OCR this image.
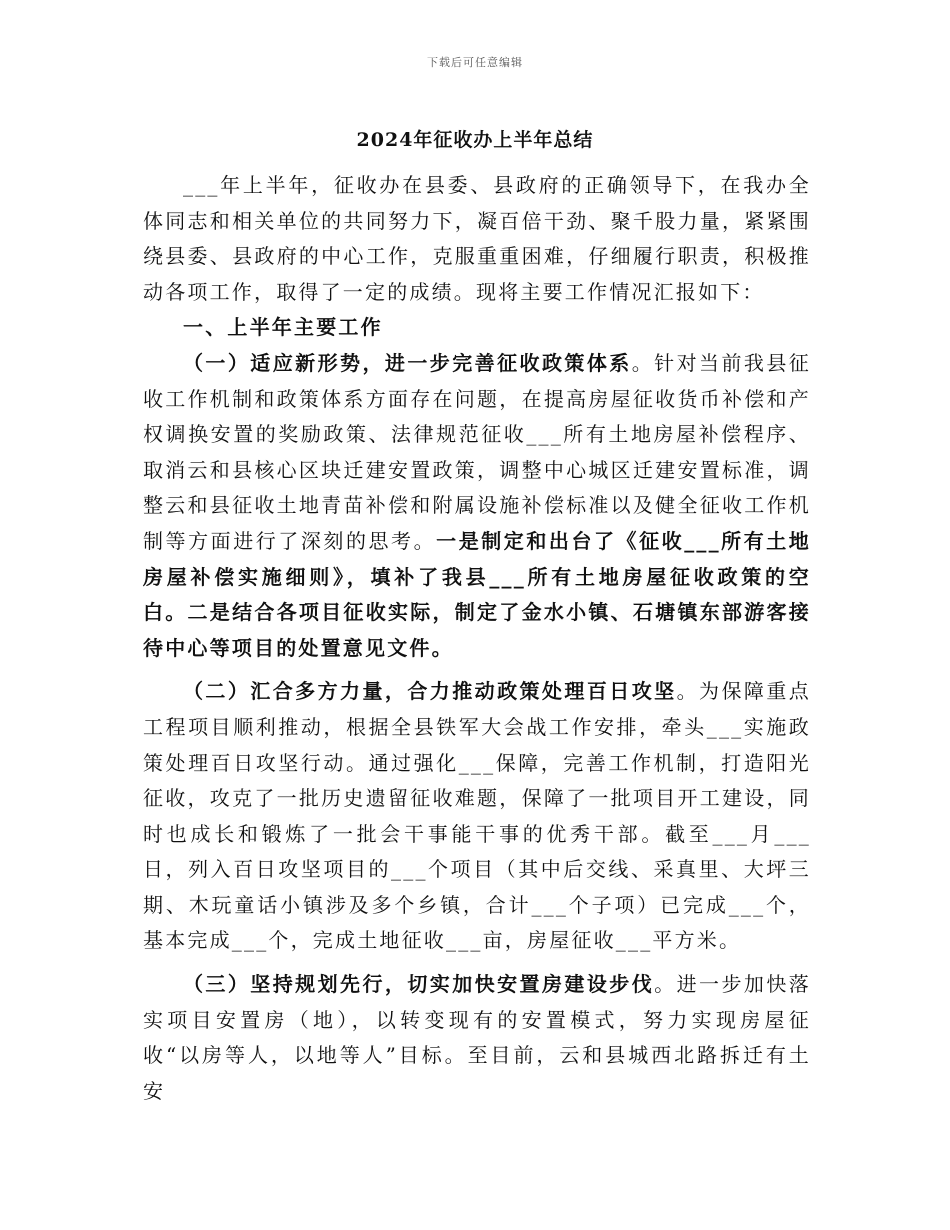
下载后可任意编辑
2024年征收办上半年总结

___年上半年，征收办在县委、县政府的正确领导下，在我办全体同志和相关单位的共同努力下，凝百倍干劲、聚千股力量，紧紧围绕县委、县政府的中心工作，克服重重困难，仔细履行职责，积极推动各项工作，取得了一定的成绩。现将主要工作情况汇报如下：

一、上半年主要工作

（一）适应新形势，进一步完善征收政策体系。针对当前我县征收工作机制和政策体系方面存在问题，在提高房屋征收货币补偿和产权调换安置的奖励政策、法律规范征收___所有土地房屋补偿程序、取消云和县核心区块迁建安置政策，调整中心城区迁建安置标准，调整云和县征收土地青苗补偿和附属设施补偿标准以及健全征收工作机制等方面进行了深刻的思考。一是制定和出台了《征收___所有土地房屋补偿实施细则》，填补了我县___所有土地房屋征收政策的空白。二是结合各项目征收实际，制定了金水小镇、石塘镇东部游客接待中心等项目的处置意见文件。

（二）汇合多方力量，合力推动政策处理百日攻坚。为保障重点工程项目顺利推动，根据全县铁军大会战工作安排，牵头___实施政策处理百日攻坚行动。通过强化___保障，完善工作机制，打造阳光征收，攻克了一批历史遗留征收难题，保障了一批项目开工建设，同时也成长和锻炼了一批会干事能干事的优秀干部。截至___月___日，列入百日攻坚项目的___个项目（其中后交线、采真里、大坪三期、木玩童话小镇涉及多个乡镇，合计___个子项）已完成___个，基本完成___个，完成土地征收___亩，房屋征收___平方米。

（三）坚持规划先行，切实加快安置房建设步伐。进一步加快落实项目安置房（地），以转变现有的安置模式，努力实现房屋征收“以房等人，以地等人”目标。至目前，云和县城西北路拆迁有土安
